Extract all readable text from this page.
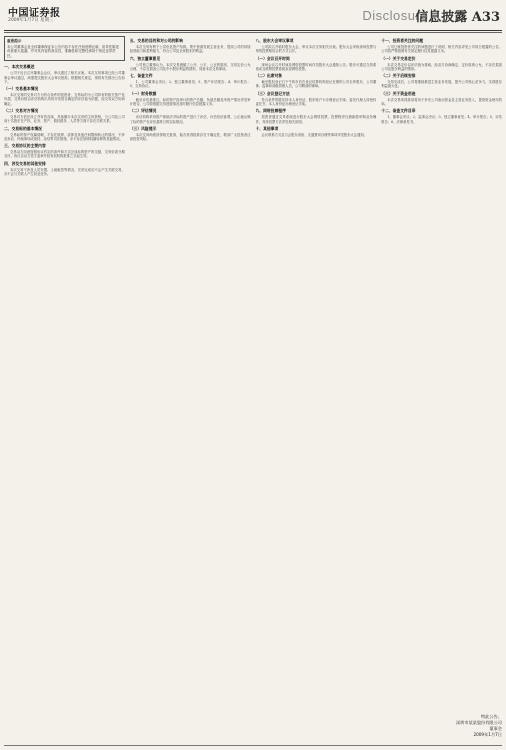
中国证券报
2009年1月7日 星期三	Disclosure
信息披露 A33
重要提示
本公司董事会及全体董事保证本公告内容不存在任何虚假记载、误导性陈述或者重大遗漏，并对其内容的真实性、准确性和完整性承担个别及连带责任。
一、本次交易概述

公司于近日召开董事会会议，审议通过了相关议案。本次交易事项已经公司董事会审议通过，尚需提交股东大会审议批准。根据相关规定，现将有关情况公告如下。

（一）交易基本情况

本次交易的交易对方为符合条件的投资者，交易标的为公司持有的相关资产及负债，交易价格以评估机构出具的评估报告确定的评估值为依据，经交易双方协商确定。

（二）交易对方情况

交易对方依法设立并有效存续，具备履行本次交易的主体资格，与公司及公司前十名股东在产权、业务、资产、债权债务、人员等方面不存在关联关系。

二、交易标的基本情况

交易标的资产权属清晰，不存在抵押、质押及其他任何限制转让的情况，不涉及诉讼、仲裁事项或查封、冻结等司法措施，亦不存在妨碍权属转移的其他情况。

三、交易协议的主要内容

交易双方同意按照协议约定的条件和方式完成标的资产的交割，交易价款分期支付，协议自双方签字盖章并经有权机构批准之日起生效。

四、涉及交易的其他安排

本次交易不涉及人员安置、土地租赁等情况，交易完成后不会产生关联交易，亦不会与关联人产生同业竞争。

五、交易的目的和对公司的影响

本次交易有利于公司优化资产结构，集中资源发展主营业务，提高公司的持续经营能力和盈利能力，符合公司及全体股东的利益。

六、独立董事意见

公司独立董事认为，本次交易遵循了公开、公平、公正的原则，交易定价公允合理，不存在损害公司及中小股东利益的情形，同意本次交易事项。

七、备查文件

1、公司董事会决议；2、独立董事意见；3、资产评估报告；4、审计报告；5、交易协议。

（一）财务数据

截至评估基准日，标的资产经审计的资产总额、负债总额及净资产情况详见审计报告。公司将根据交易进展情况及时履行信息披露义务。

（二）评估情况

评估机构采用资产基础法对标的资产进行了评估，评估结论客观、公正地反映了标的资产在评估基准日的实际情况。

（三）风险提示

本次交易尚需获得相关批准，能否获得批准存在不确定性，敬请广大投资者注意投资风险。

八、股东大会审议事项

公司拟召开临时股东大会，审议本次交易相关议案。股东大会采取现场投票与网络投票相结合的方式召开。

（一）会议召开时间

现场会议召开时间及网络投票时间详见股东大会通知公告。股东可通过交易系统或互联网投票系统参加网络投票。

（二）出席对象

截至股权登记日下午收市后在登记结算机构登记在册的公司全体股东，公司董事、监事和高级管理人员，公司聘请的律师。

（三）会议登记方法

符合条件的股东持本人身份证、股东账户卡办理登记手续；委托代理人持授权委托书、本人身份证办理登记手续。

九、网络投票程序

投资者通过交易系统进行股东大会网络投票，投票程序比照新股申购业务操作，具体投票方法详见相关说明。

十、其他事项

会议联系方式及与会股东食宿、交通费用自理等事项详见股东大会通知。

十一、投资者关注的问题

公司已就投资者关注的问题进行了说明，相关内容详见公司同日披露的公告。公司将严格按照有关规定履行信息披露义务。

（一）关于交易定价

本次交易定价以评估值为基础，经双方协商确定，定价原则公允，不存在损害公司及股东利益的情形。

（二）关于后续安排

交易完成后，公司将继续推进主营业务发展，提升公司核心竞争力，实现股东利益最大化。

（三）关于资金用途

本次交易所得款项将用于补充公司流动资金及主营业务投入，提高资金使用效率。

十二、备查文件目录

1、董事会决议；2、监事会决议；3、独立董事意见；4、审计报告；5、评估报告；6、法律意见书。

特此公告。
深圳市某某股份有限公司
董事会
2009年1月7日
